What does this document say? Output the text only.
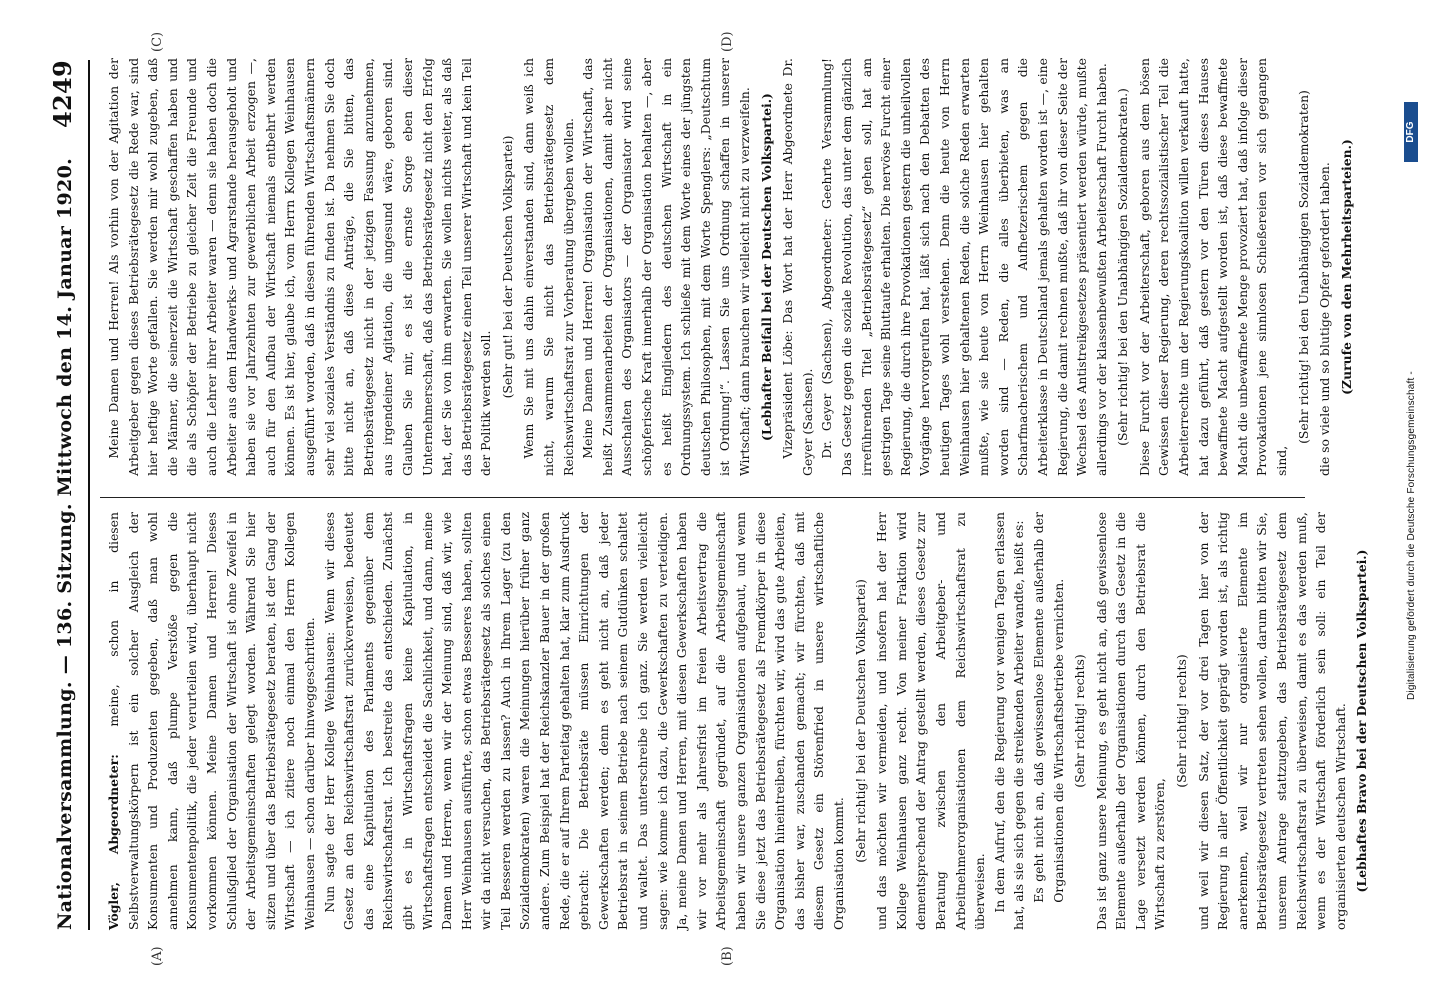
Nationalversammlung. — 136. Sitzung. Mittwoch den 14. Januar 1920.
4249
(A)	(B)
(C)	(D)

Vögler, Abgeordneter: meine, schon in diesen Selbstverwaltungskörpern ist ein solcher Ausgleich der Konsumenten und Produzenten gegeben, daß man wohl annehmen kann, daß plumpe Verstöße gegen die Konsumentenpolitik, die jeder verurteilen wird, überhaupt nicht vorkommen können. Meine Damen und Herren! Dieses Schlußglied der Organisation der Wirtschaft ist ohne Zweifel in der Arbeitsgemeinschaften gelegt worden. Während Sie hier sitzen und über das Betriebsrätegesetz beraten, ist der Gang der Wirtschaft — ich zitiere noch einmal den Herrn Kollegen Weinhausen — schon darüber hinweggeschritten. Nun sagte der Herr Kollege Weinhausen: Wenn wir dieses Gesetz an den Reichswirtschaftsrat zurückverweisen, bedeutet das eine Kapitulation des Parlaments gegenüber dem Reichswirtschaftsrat. Ich bestreite das entschieden. Zunächst gibt es in Wirtschaftsfragen keine Kapitulation, in Wirtschaftsfragen entscheidet die Sachlichkeit, und dann, meine Damen und Herren, wenn wir der Meinung sind, daß wir, wie Herr Weinhausen ausführte, schon etwas Besseres haben, sollten wir da nicht versuchen, das Betriebsrätegesetz als solches einen Teil Besseren werden zu lassen? Auch in Ihrem Lager (zu den Sozialdemokraten) waren die Meinungen hierüber früher ganz andere. Zum Beispiel hat der Reichskanzler Bauer in der großen Rede, die er auf Ihrem Parteitag gehalten hat, klar zum Ausdruck gebracht: Die Betriebsräte müssen Einrichtungen der Gewerkschaften werden; denn es geht nicht an, daß jeder Betriebsrat in seinem Betriebe nach seinem Gutdünken schaltet und waltet. Das unterschreibe ich ganz. Sie werden vielleicht sagen: wie komme ich dazu, die Gewerkschaften zu verteidigen. Ja, meine Damen und Herren, mit diesen Gewerkschaften haben wir vor mehr als Jahresfrist im freien Arbeitsvertrag die Arbeitsgemeinschaft gegründet, auf die Arbeitsgemeinschaft haben wir unsere ganzen Organisationen aufgebaut, und wenn Sie diese jetzt das Betriebsrätegesetz als Fremdkörper in diese Organisation hineintreiben, fürchten wir, wird das gute Arbeiten, das bisher war, zuschanden gemacht; wir fürchten, daß mit diesem Gesetz ein Störenfried in unsere wirtschaftliche Organisation kommt.

(Sehr richtig! bei der Deutschen Volkspartei) und das möchten wir vermeiden, und insofern hat der Herr Kollege Weinhausen ganz recht. Von meiner Fraktion wird dementsprechend der Antrag gestellt werden, dieses Gesetz zur Beratung zwischen den Arbeitgeber- und Arbeitnehmerorganisationen dem Reichswirtschaftsrat zu überweisen. In dem Aufruf, den die Regierung vor wenigen Tagen erlassen hat, als sie sich gegen die streikenden Arbeiter wandte, heißt es: Es geht nicht an, daß gewissenlose Elemente außerhalb der Organisationen die Wirtschaftsbetriebe vernichten. (Sehr richtig! rechts) Das ist ganz unsere Meinung, es geht nicht an, daß gewissenlose Elemente außerhalb der Organisationen durch das Gesetz in die Lage versetzt werden können, durch den Betriebsrat die Wirtschaft zu zerstören,

(Sehr richtig! rechts) und weil wir diesen Satz, der vor drei Tagen hier von der Regierung in aller Öffentlichkeit geprägt worden ist, als richtig anerkennen, weil wir nur organisierte Elemente im Betriebsrätegesetz vertreten sehen wollen, darum bitten wir Sie, unserem Antrage stattzugeben, das Betriebsrätegesetz dem Reichswirtschaftsrat zu überweisen, damit es das werden muß, wenn es der Wirtschaft förderlich sein soll: ein Teil der organisierten deutschen Wirtschaft. (Lebhaftes Bravo bei der Deutschen Volkspartei.)

Meine Damen und Herren! Als vorhin von der Agitation der Arbeitgeber gegen dieses Betriebsrätegesetz die Rede war, sind hier heftige Worte gefallen. Sie werden mir wohl zugeben, daß die Männer, die seinerzeit die Wirtschaft geschaffen haben und die als Schöpfer der Betriebe zu gleicher Zeit die Freunde und auch die Lehrer ihrer Arbeiter waren — denn sie haben doch die Arbeiter aus dem Handwerks- und Agrarstande herausgeholt und haben sie vor Jahrzehnten zur gewerblichen Arbeit erzogen —, auch für den Aufbau der Wirtschaft niemals entbehrt werden können. Es ist hier, glaube ich, vom Herrn Kollegen Weinhausen ausgeführt worden, daß in diesen führenden Wirtschaftsmännern sehr viel soziales Verständnis zu finden ist. Da nehmen Sie doch bitte nicht an, daß diese Anträge, die Sie bitten, das Betriebsrätegesetz nicht in der jetzigen Fassung anzunehmen, aus irgendeiner Agitation, die ungesund wäre, geboren sind. Glauben Sie mir, es ist die ernste Sorge eben dieser Unternehmerschaft, daß das Betriebsrätegesetz nicht den Erfolg hat, der Sie von ihm erwarten. Sie wollen nichts weiter, als daß das Betriebsrätegesetz einen Teil unserer Wirtschaft und kein Teil der Politik werden soll.

(Sehr gut! bei der Deutschen Volkspartei) Wenn Sie mit uns dahin einverstanden sind, dann weiß ich nicht, warum Sie nicht das Betriebsrätegesetz dem Reichswirtschaftsrat zur Vorberatung übergeben wollen. Meine Damen und Herren! Organisation der Wirtschaft, das heißt Zusammenarbeiten der Organisationen, damit aber nicht Ausschalten des Organisators — der Organisator wird seine schöpferische Kraft innerhalb der Organisation behalten —, aber es heißt Eingliedern des deutschen Wirtschaft in ein Ordnungssystem. Ich schließe mit dem Worte eines der jüngsten deutschen Philosophen, mit dem Worte Spenglers: „Deutschtum ist Ordnung!“. Lassen Sie uns Ordnung schaffen in unserer Wirtschaft; dann brauchen wir vielleicht nicht zu verzweifeln. (Lebhafter Beifall bei der Deutschen Volkspartei.) Vizepräsident Löbe: Das Wort hat der Herr Abgeordnete Dr. Geyer (Sachsen). Dr. Geyer (Sachsen), Abgeordneter: Geehrte Versammlung! Das Gesetz gegen die soziale Revolution, das unter dem gänzlich irreführenden Titel „Betriebsrätegesetz“ gehen soll, hat am gestrigen Tage seine Bluttaufe erhalten. Die nervöse Furcht einer Regierung, die durch ihre Provokationen gestern die unheilvollen Vorgänge hervorgerufen hat, läßt sich nach den Debatten des heutigen Tages wohl verstehen. Denn die heute von Herrn Weinhausen hier gehaltenen Reden, die solche Reden erwarten mußte, wie sie heute von Herrn Weinhausen hier gehalten worden sind — Reden, die alles überbieten, was an Scharfmacherischem und Aufhetzerischem gegen die Arbeiterklasse in Deutschland jemals gehalten worden ist —, eine Regierung, die damit rechnen mußte, daß ihr von dieser Seite der Wechsel des Antistreikgesetzes präsentiert werden würde, mußte allerdings vor der klassenbewußten Arbeiterschaft Furcht haben. (Sehr richtig! bei den Unabhängigen Sozialdemokraten.) Diese Furcht vor der Arbeiterschaft, geboren aus dem bösen Gewissen dieser Regierung, deren rechtssozialistischer Teil die Arbeiterrechte um der Regierungskoalition willen verkauft hatte, hat dazu geführt, daß gestern vor den Türen dieses Hauses bewaffnete Macht aufgestellt worden ist, daß diese bewaffnete Macht die unbewaffnete Menge provoziert hat, daß infolge dieser Provokationen jene sinnlosen Schießereien vor sich gegangen sind,

(Sehr richtig! bei den Unabhängigen Sozialdemokraten) die so viele und so blutige Opfer gefordert haben. (Zurufe von den Mehrheitsparteien.)

Digitalisierung gefördert durch die Deutsche Forschungsgemeinschaft -
DFG
